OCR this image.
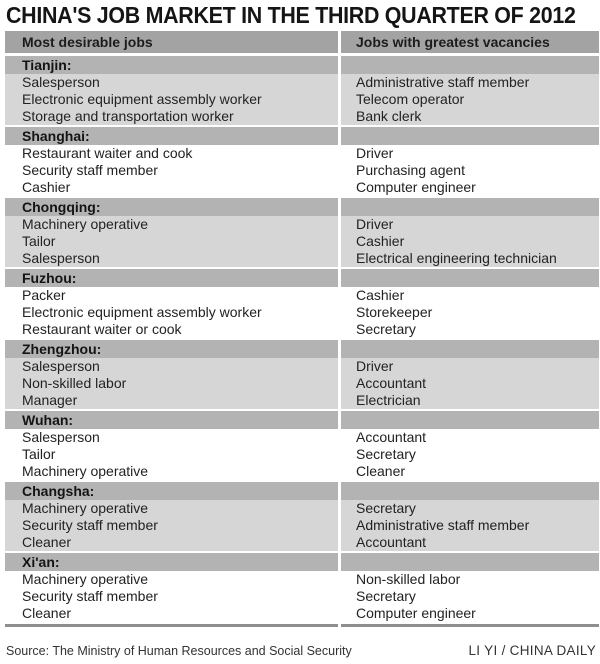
CHINA'S JOB MARKET IN THE THIRD QUARTER OF 2012
Most desirable jobs	Jobs with greatest vacancies
Tianjin:
Salesperson	Administrative staff member
Electronic equipment assembly worker	Telecom operator
Storage and transportation worker	Bank clerk
Shanghai:
Restaurant waiter and cook	Driver
Security staff member	Purchasing agent
Cashier	Computer engineer
Chongqing:
Machinery operative	Driver
Tailor	Cashier
Salesperson	Electrical engineering technician
Fuzhou:
Packer	Cashier
Electronic equipment assembly worker	Storekeeper
Restaurant waiter or cook	Secretary
Zhengzhou:
Salesperson	Driver
Non-skilled labor	Accountant
Manager	Electrician
Wuhan:
Salesperson	Accountant
Tailor	Secretary
Machinery operative	Cleaner
Changsha:
Machinery operative	Secretary
Security staff member	Administrative staff member
Cleaner	Accountant
Xi'an:
Machinery operative	Non-skilled labor
Security staff member	Secretary
Cleaner	Computer engineer
Source: The Ministry of Human Resources and Social Security	LI YI / CHINA DAILY
